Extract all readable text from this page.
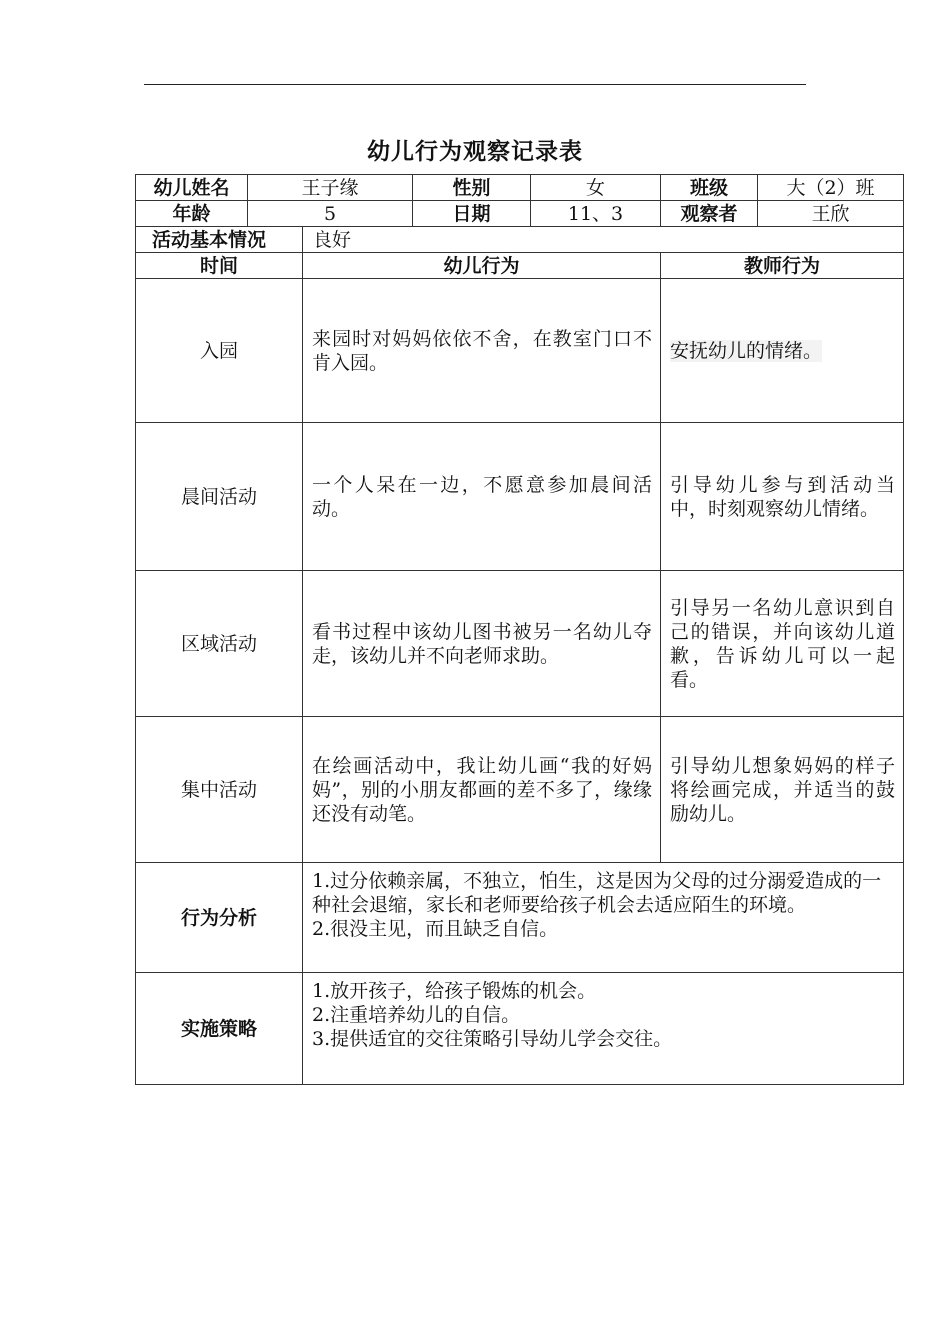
幼儿行为观察记录表
幼儿姓名	王子缘		性别	女	班级	大（2）班
年龄	5		日期	11、3	观察者	王欣
活动基本情况		良好				
时间		幼儿行为			教师行为	
入园		来园时对妈妈依依不舍，在教室门口不肯入园。			安抚幼儿的情绪。	
晨间活动		一个人呆在一边，不愿意参加晨间活动。			引导幼儿参与到活动当中，时刻观察幼儿情绪。	
区域活动		看书过程中该幼儿图书被另一名幼儿夺走，该幼儿并不向老师求助。			引导另一名幼儿意识到自己的错误，并向该幼儿道歉，告诉幼儿可以一起看。	
集中活动		在绘画活动中，我让幼儿画“我的好妈妈”，别的小朋友都画的差不多了，缘缘还没有动笔。			引导幼儿想象妈妈的样子将绘画完成，并适当的鼓励幼儿。	
行为分析		1.过分依赖亲属，不独立，怕生，这是因为父母的过分溺爱造成的一种社会退缩，家长和老师要给孩子机会去适应陌生的环境。
2.很没主见，而且缺乏自信。				

实施策略		1.放开孩子，给孩子锻炼的机会。
2.注重培养幼儿的自信。
3.提供适宜的交往策略引导幼儿学会交往。				
